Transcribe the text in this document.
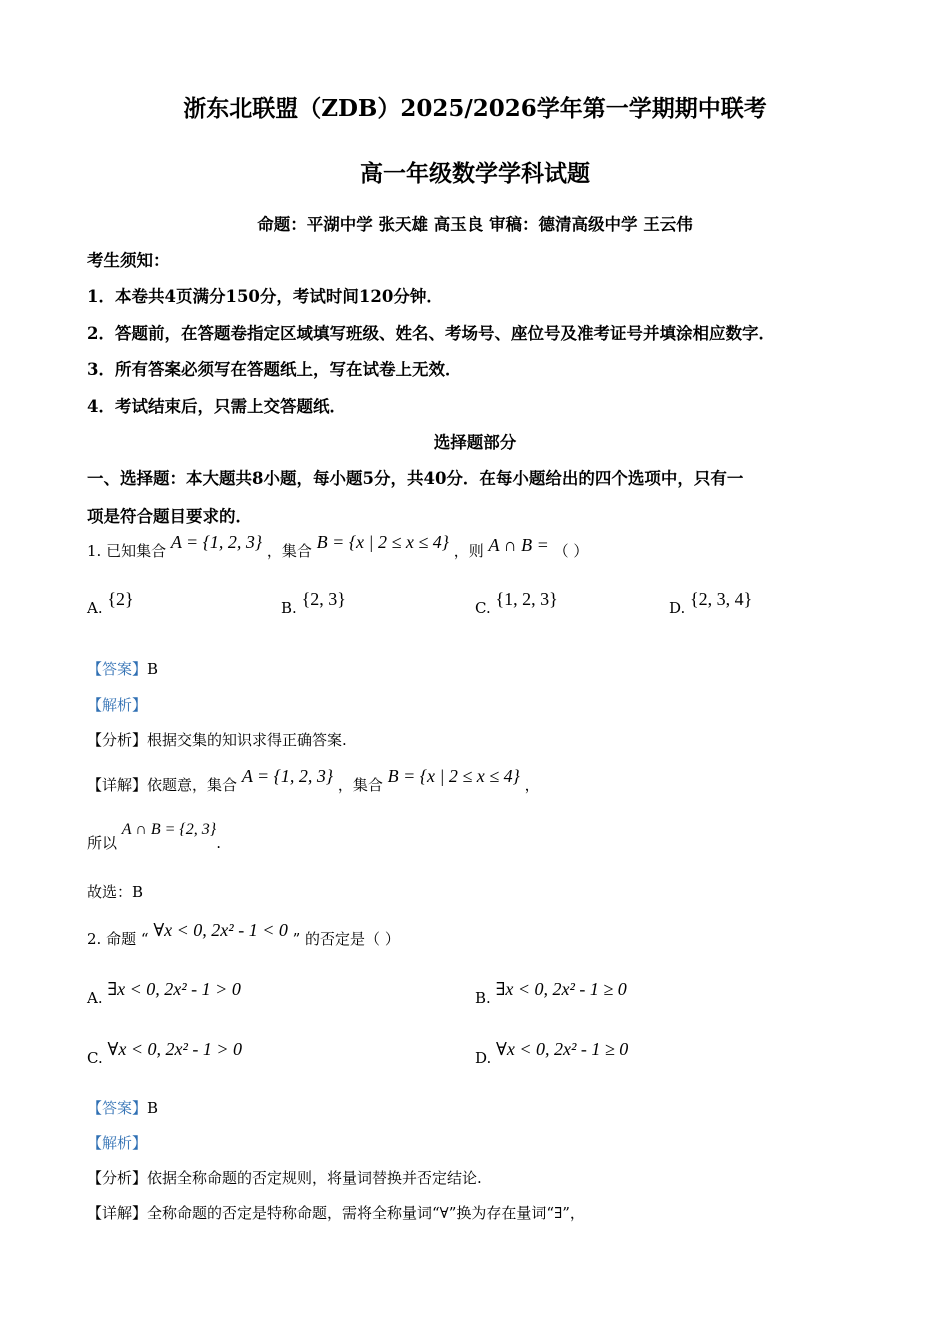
浙东北联盟（ZDB）2025/2026学年第一学期期中联考
高一年级数学学科试题
命题：平湖中学 张天雄 高玉良 审稿：德清高级中学 王云伟
考生须知：
1．本卷共4页满分150分，考试时间120分钟．
2．答题前，在答题卷指定区域填写班级、姓名、考场号、座位号及准考证号并填涂相应数字．
3．所有答案必须写在答题纸上，写在试卷上无效．
4．考试结束后，只需上交答题纸．
选择题部分
一、选择题：本大题共8小题，每小题5分，共40分．在每小题给出的四个选项中，只有一
项是符合题目要求的．
1. 已知集合 A = {1, 2, 3} ，集合 B = {x | 2 ≤ x ≤ 4} ，则 A ∩ B = （ ）
A. {2}	B. {2, 3}	C. {1, 2, 3}	D. {2, 3, 4}
【答案】B
【解析】
【分析】根据交集的知识求得正确答案.
【详解】依题意，集合 A = {1, 2, 3} ，集合 B = {x | 2 ≤ x ≤ 4} ，
所以 A ∩ B = {2, 3}.
故选：B
2. 命题 “ ∀x < 0, 2x² - 1 < 0 ” 的否定是（ ）
A. ∃x < 0, 2x² - 1 > 0	B. ∃x < 0, 2x² - 1 ≥ 0
C. ∀x < 0, 2x² - 1 > 0	D. ∀x < 0, 2x² - 1 ≥ 0
【答案】B
【解析】
【分析】依据全称命题的否定规则，将量词替换并否定结论.
【详解】全称命题的否定是特称命题，需将全称量词“∀”换为存在量词“∃”，
